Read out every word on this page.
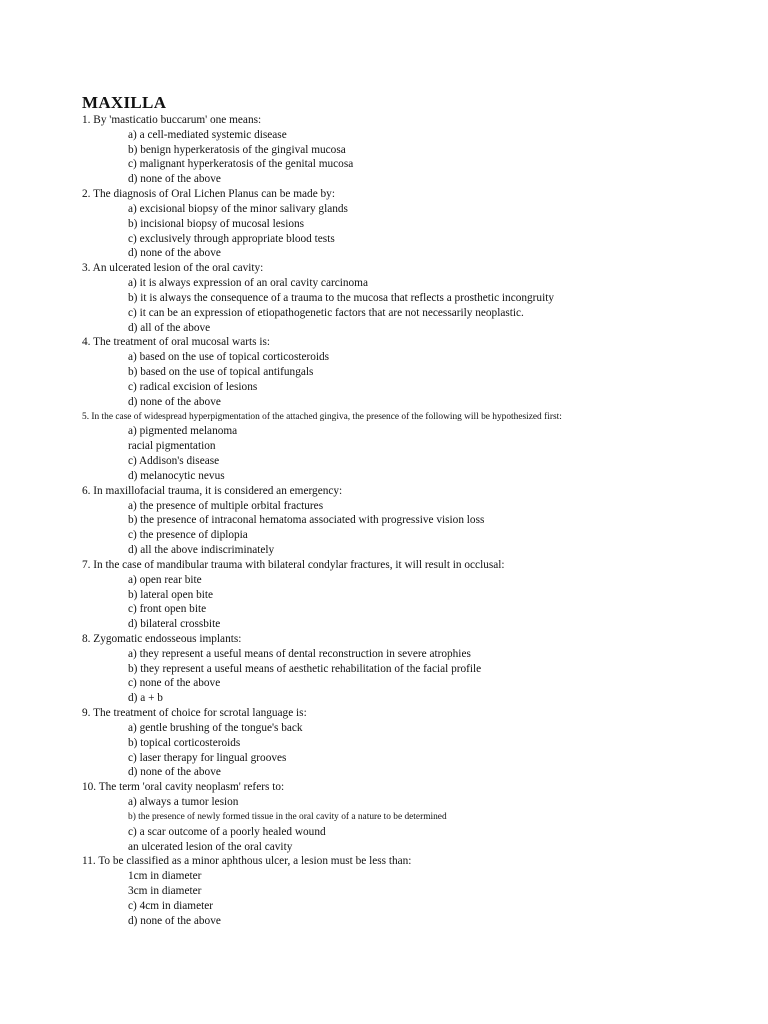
MAXILLA
1. By 'masticatio buccarum' one means:
a) a cell-mediated systemic disease
b) benign hyperkeratosis of the gingival mucosa
c) malignant hyperkeratosis of the genital mucosa
d) none of the above
2. The diagnosis of Oral Lichen Planus can be made by:
a) excisional biopsy of the minor salivary glands
b) incisional biopsy of mucosal lesions
c) exclusively through appropriate blood tests
d) none of the above
3. An ulcerated lesion of the oral cavity:
a) it is always expression of an oral cavity carcinoma
b) it is always the consequence of a trauma to the mucosa that reflects a prosthetic incongruity
c) it can be an expression of etiopathogenetic factors that are not necessarily neoplastic.
d) all of the above
4. The treatment of oral mucosal warts is:
a) based on the use of topical corticosteroids
b) based on the use of topical antifungals
c) radical excision of lesions
d) none of the above
5. In the case of widespread hyperpigmentation of the attached gingiva, the presence of the following will be hypothesized first:
a) pigmented melanoma
racial pigmentation
c) Addison's disease
d) melanocytic nevus
6. In maxillofacial trauma, it is considered an emergency:
a) the presence of multiple orbital fractures
b) the presence of intraconal hematoma associated with progressive vision loss
c) the presence of diplopia
d) all the above indiscriminately
7. In the case of mandibular trauma with bilateral condylar fractures, it will result in occlusal:
a) open rear bite
b) lateral open bite
c) front open bite
d) bilateral crossbite
8. Zygomatic endosseous implants:
a) they represent a useful means of dental reconstruction in severe atrophies
b) they represent a useful means of aesthetic rehabilitation of the facial profile
c) none of the above
d) a + b
9. The treatment of choice for scrotal language is:
a) gentle brushing of the tongue's back
b) topical corticosteroids
c) laser therapy for lingual grooves
d) none of the above
10. The term 'oral cavity neoplasm' refers to:
a) always a tumor lesion
b) the presence of newly formed tissue in the oral cavity of a nature to be determined
c) a scar outcome of a poorly healed wound
an ulcerated lesion of the oral cavity
11. To be classified as a minor aphthous ulcer, a lesion must be less than:
1cm in diameter
3cm in diameter
c) 4cm in diameter
d) none of the above
